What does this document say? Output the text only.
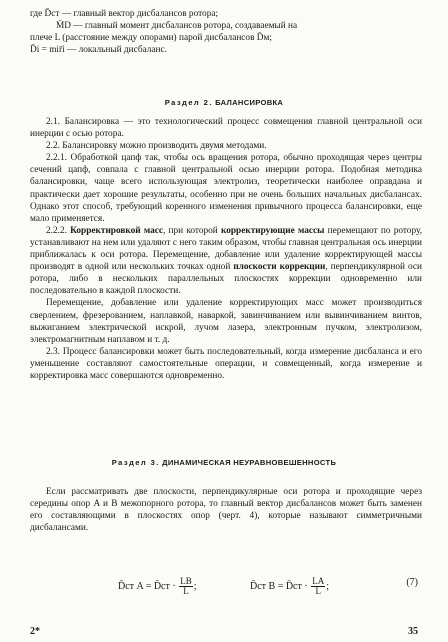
где D̄ст — главный вектор дисбалансов ротора;
M̄D — главный момент дисбалансов ротора, создаваемый на
плече L (расстояние между опорами) парой дисбалансов D̄м;
D̄i = mir̄i — локальный дисбаланс.
Раздел 2. БАЛАНСИРОВКА

2.1. Балансировка — это технологический процесс совмещения главной центральной оси инерции с осью ротора.

2.2. Балансировку можно производить двумя методами.

2.2.1. Обработкой цапф так, чтобы ось вращения ротора, обычно проходящая через центры сечений цапф, совпала с главной центральной осью инерции ротора. Подобная методика балансировки, чаще всего использующая электролиз, теоретически наиболее оправдана и практически дает хорошие результаты, особенно при не очень больших начальных дисбалансах. Однако этот способ, требующий коренного изменения привычного процесса балансировки, еще мало применяется.

2.2.2. Корректировкой масс, при которой корректирующие массы перемещают по ротору, устанавливают на нем или удаляют с него таким образом, чтобы главная центральная ось инерции приближалась к оси ротора. Перемещение, добавление или удаление корректирующей массы производят в одной или нескольких точках одной плоскости коррекции, перпендикулярной оси ротора, либо в нескольких параллельных плоскостях коррекции одновременно или последовательно в каждой плоскости.

Перемещение, добавление или удаление корректирующих масс может производиться сверлением, фрезерованием, наплавкой, наваркой, завинчиванием или вывинчиванием винтов, выжиганием электрической искрой, лучом лазера, электронным пучком, электролизом, электромагнитным наплавом и т. д.

2.3. Процесс балансировки может быть последовательный, когда измерение дисбаланса и его уменьшение составляют самостоятельные операции, и совмещенный, когда измерение и корректировка масс совершаются одновременно.

Раздел 3. ДИНАМИЧЕСКАЯ НЕУРАВНОВЕШЕННОСТЬ

Если рассматривать две плоскости, перпендикулярные оси ротора и проходящие через середины опор A и B межопорного ротора, то главный вектор дисбалансов может быть заменен его составляющими в плоскостях опор (черт. 4), которые называют симметричными дисбалансами.

D̄ст A = D̄ст · $\frac{LB}{L}$ ;	D̄ст B = D̄ст · $\frac{LA}{L}$ ;	(7)
2*	35
